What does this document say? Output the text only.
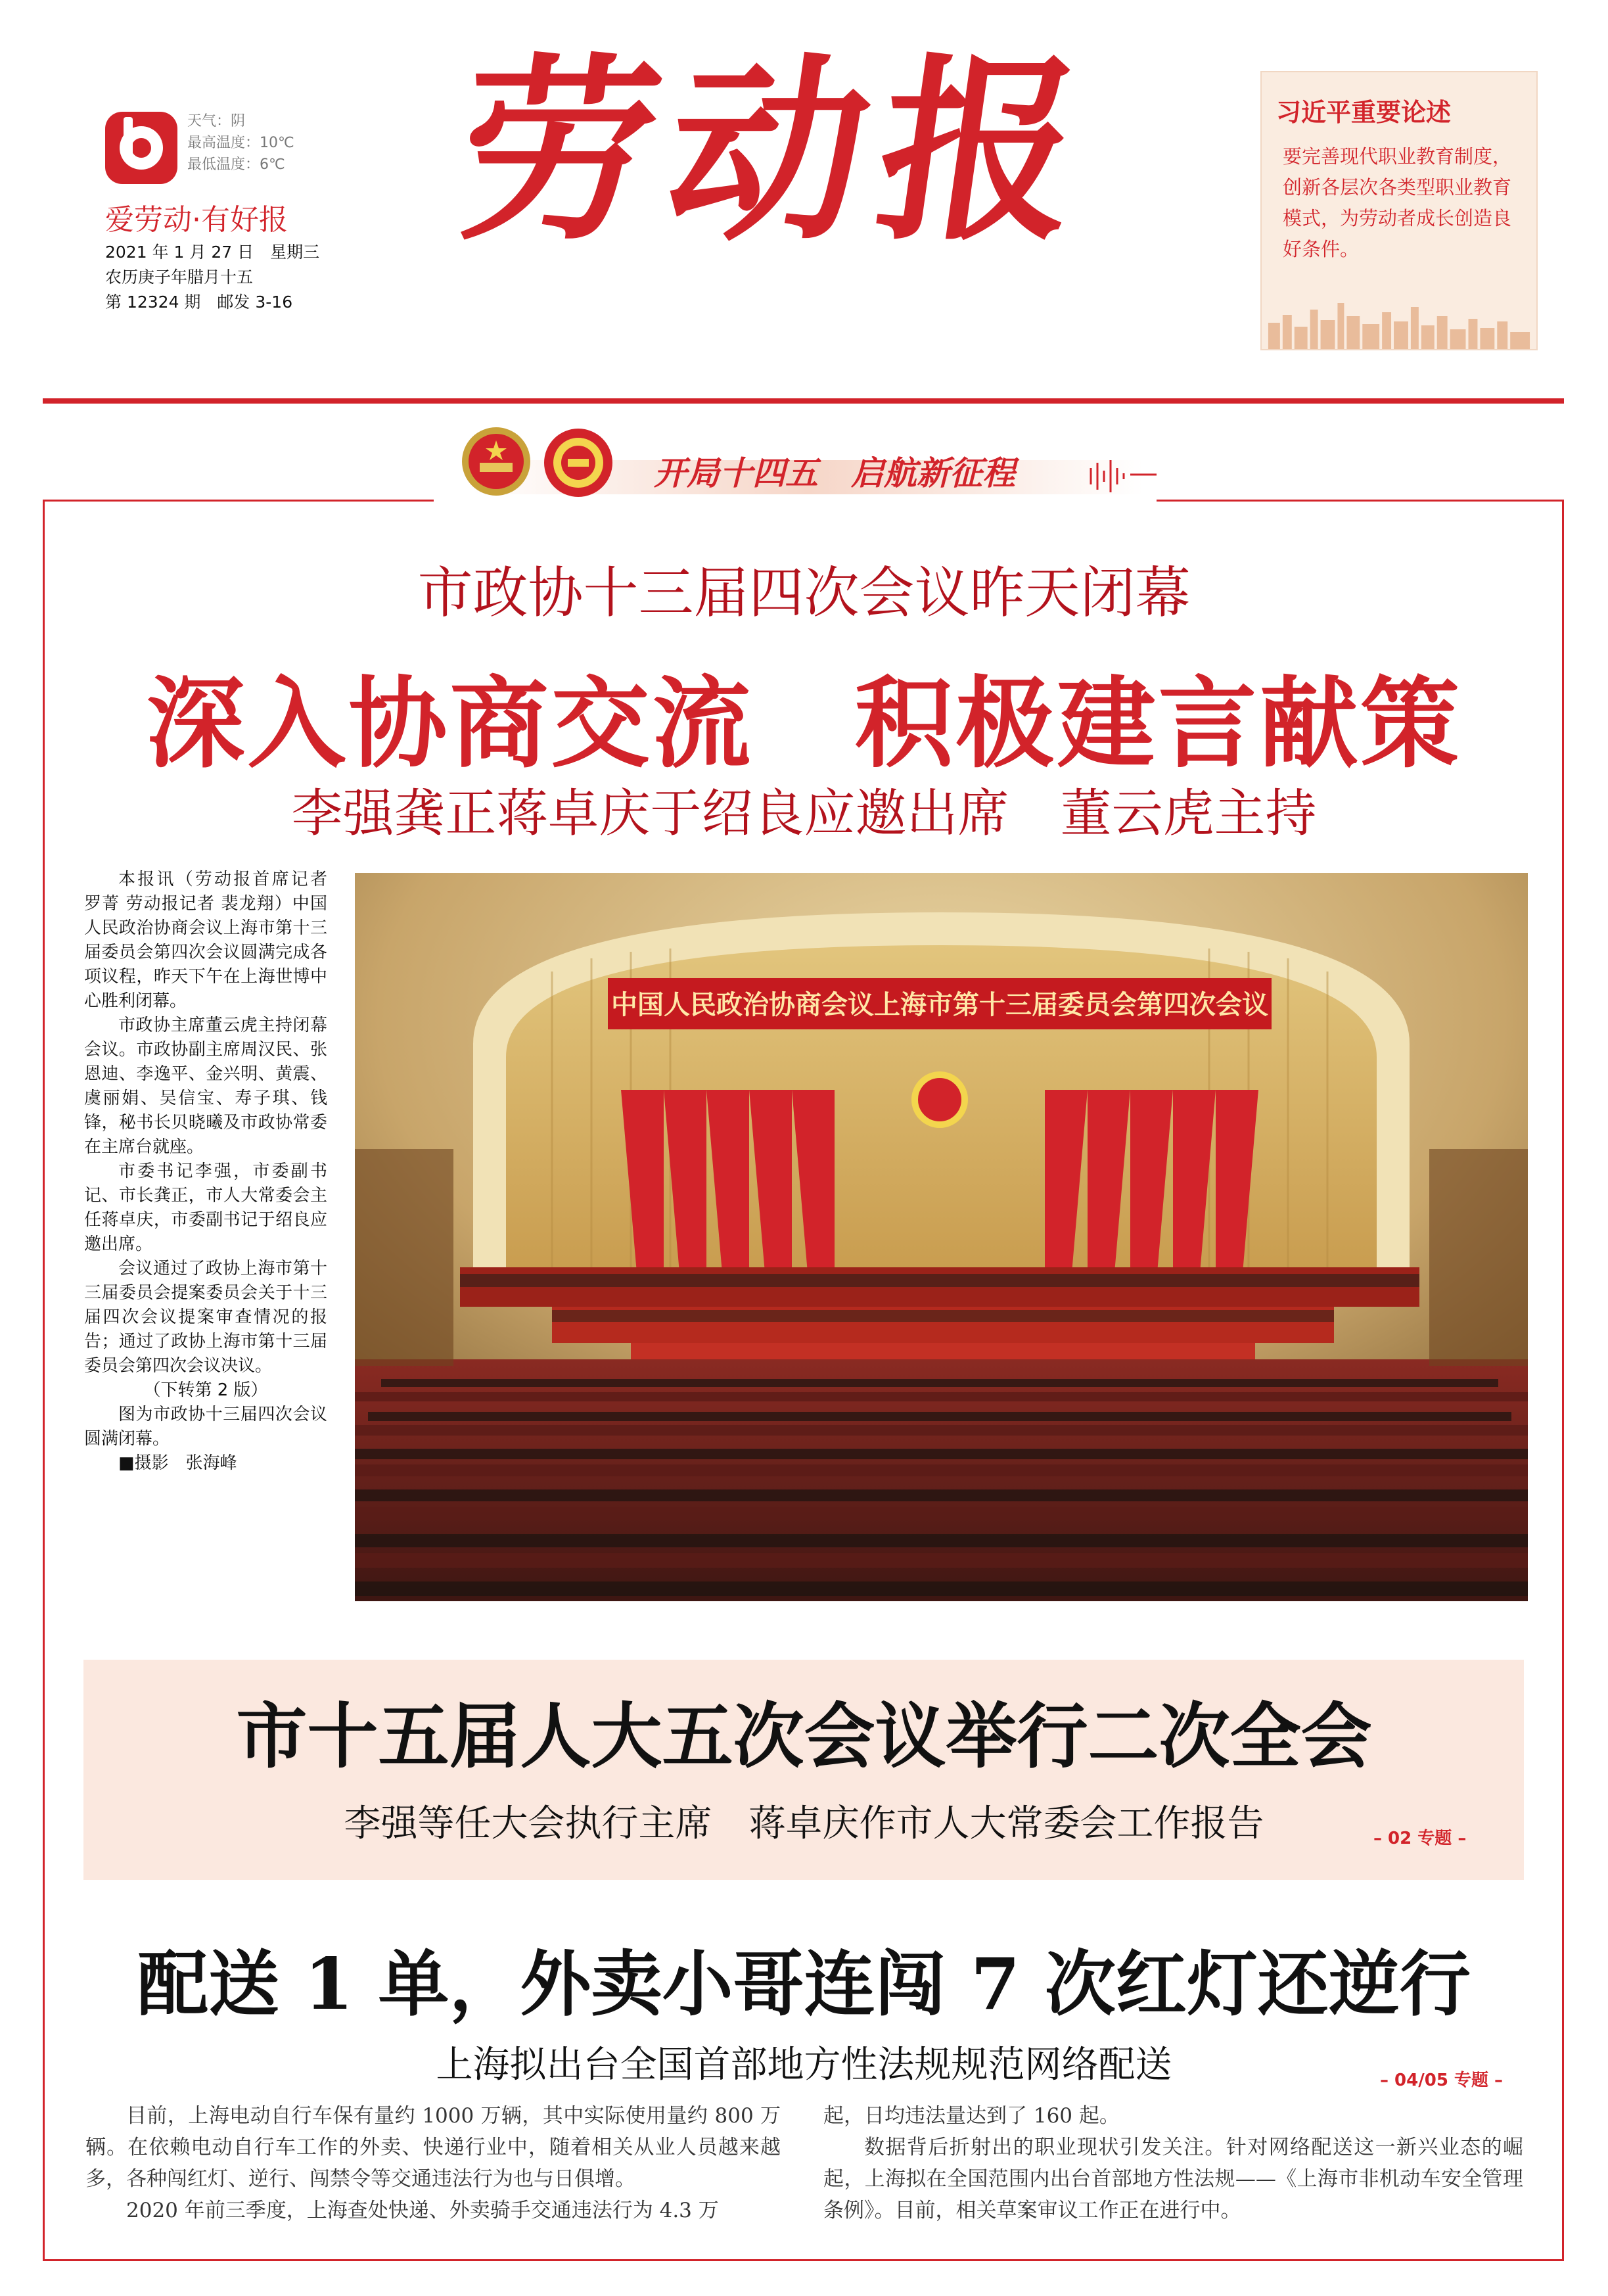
天气：阴
最高温度：10℃
最低温度：6℃
爱劳动·有好报
2021 年 1 月 27 日　星期三
农历庚子年腊月十五
第 12324 期　邮发 3-16
劳动报	习近平重要论述
要完善现代职业教育制度，创新各层次各类型职业教育模式，为劳动者成长创造良好条件。
开局十四五　启航新征程
市政协十三届四次会议昨天闭幕
深入协商交流　积极建言献策
李强龚正蒋卓庆于绍良应邀出席　董云虎主持

本报讯（劳动报首席记者 罗菁 劳动报记者 裴龙翔）中国人民政治协商会议上海市第十三届委员会第四次会议圆满完成各项议程，昨天下午在上海世博中心胜利闭幕。

市政协主席董云虎主持闭幕会议。市政协副主席周汉民、张恩迪、李逸平、金兴明、黄震、虞丽娟、吴信宝、寿子琪、钱锋，秘书长贝晓曦及市政协常委在主席台就座。

市委书记李强，市委副书记、市长龚正，市人大常委会主任蒋卓庆，市委副书记于绍良应邀出席。

会议通过了政协上海市第十三届委员会提案委员会关于十三届四次会议提案审查情况的报告；通过了政协上海市第十三届委员会第四次会议决议。

（下转第 2 版）

图为市政协十三届四次会议圆满闭幕。

■摄影　张海峰

中国人民政治协商会议上海市第十三届委员会第四次会议
市十五届人大五次会议举行二次全会
李强等任大会执行主席　蒋卓庆作市人大常委会工作报告	– 02 专题 –
配送 1 单，外卖小哥连闯 7 次红灯还逆行
上海拟出台全国首部地方性法规规范网络配送	– 04/05 专题 –

目前，上海电动自行车保有量约 1000 万辆，其中实际使用量约 800 万辆。在依赖电动自行车工作的外卖、快递行业中，随着相关从业人员越来越多，各种闯红灯、逆行、闯禁令等交通违法行为也与日俱增。

2020 年前三季度，上海查处快递、外卖骑手交通违法行为 4.3 万

起，日均违法量达到了 160 起。

数据背后折射出的职业现状引发关注。针对网络配送这一新兴业态的崛起，上海拟在全国范围内出台首部地方性法规——《上海市非机动车安全管理条例》。目前，相关草案审议工作正在进行中。
